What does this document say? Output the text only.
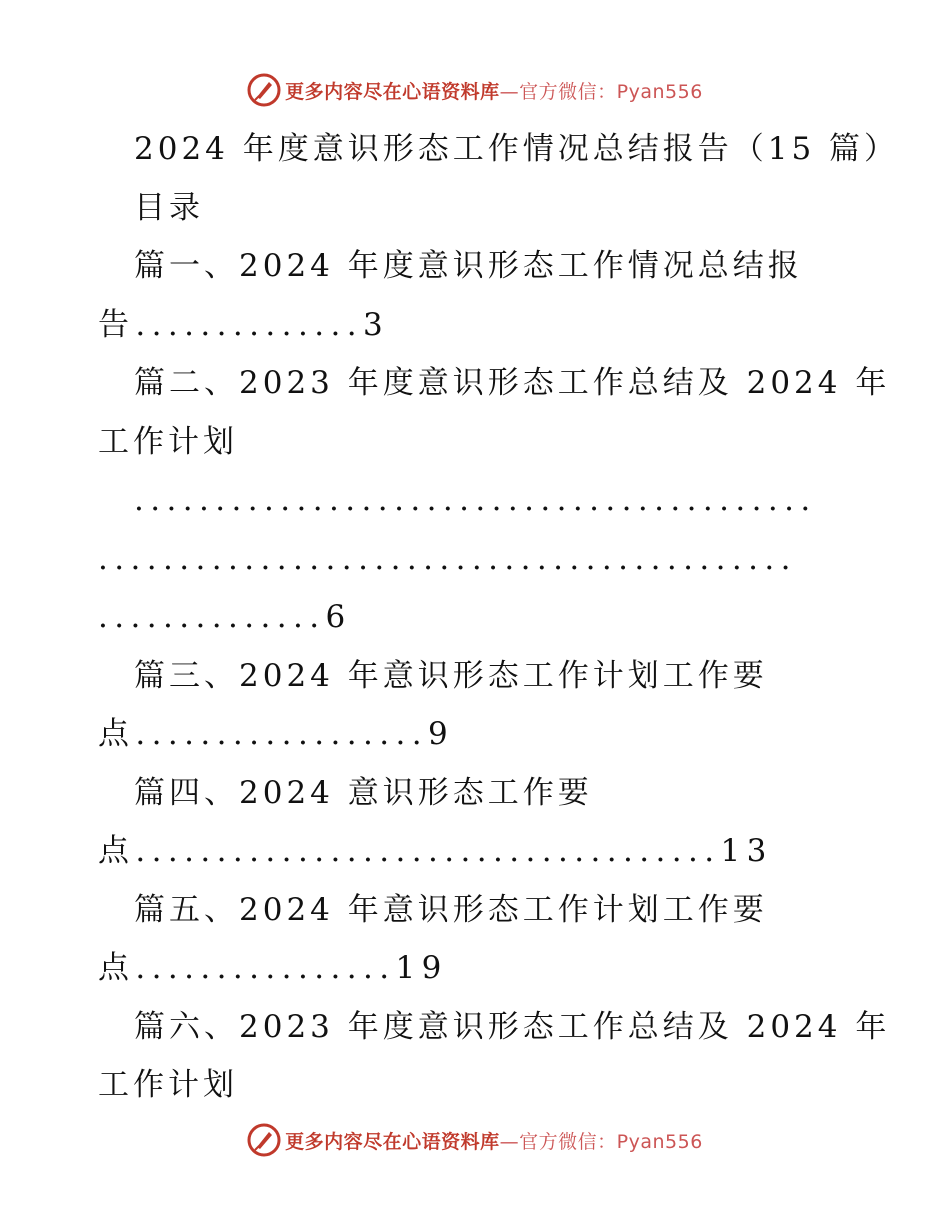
更多内容尽在心语资料库—官方微信：Pyan556
2024 年度意识形态工作情况总结报告（15 篇）
目录
篇一、2024 年度意识形态工作情况总结报
告..............3
篇二、2023 年度意识形态工作总结及 2024 年
工作计划
..........................................
...........................................
..............6
篇三、2024 年意识形态工作计划工作要
点..................9
篇四、2024 意识形态工作要
点....................................13
篇五、2024 年意识形态工作计划工作要
点................19
篇六、2023 年度意识形态工作总结及 2024 年
工作计划
更多内容尽在心语资料库—官方微信：Pyan556
